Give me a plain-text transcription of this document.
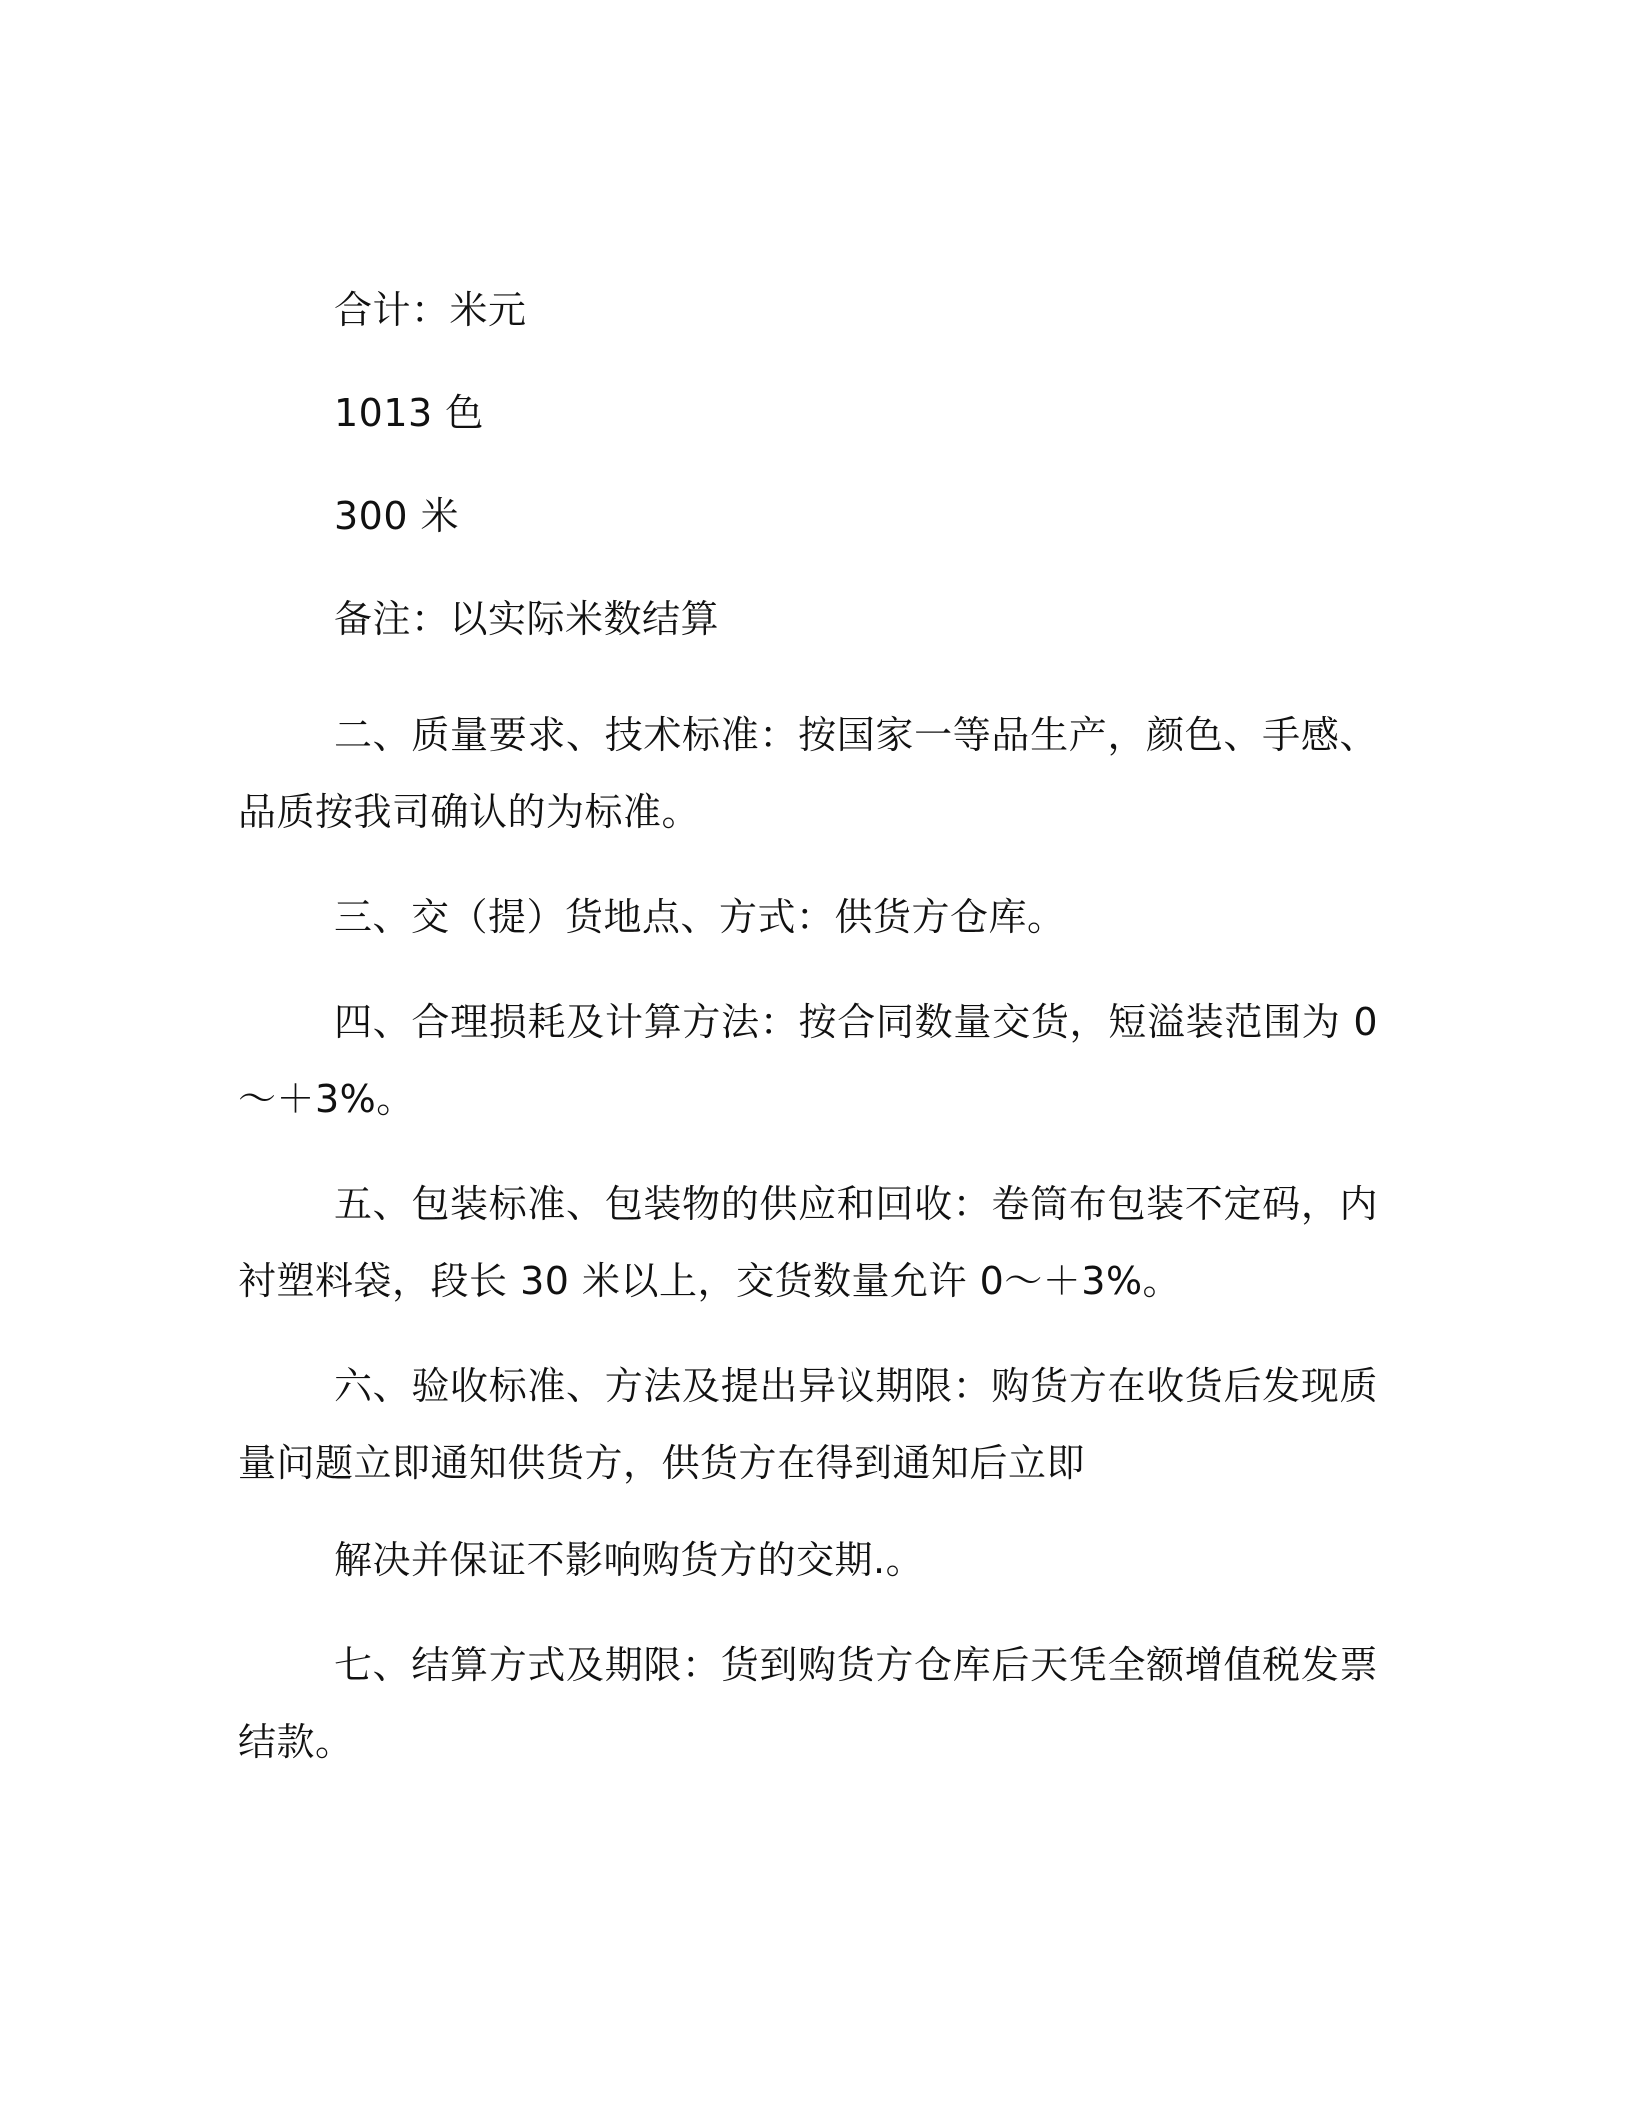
合计：米元

1013 色

300 米

备注：以实际米数结算

二、质量要求、技术标准：按国家一等品生产，颜色、手感、品质按我司确认的为标准。

三、交（提）货地点、方式：供货方仓库。

四、合理损耗及计算方法：按合同数量交货，短溢装范围为 0～＋3%。

五、包装标准、包装物的供应和回收：卷筒布包装不定码，内衬塑料袋，段长 30 米以上，交货数量允许 0～＋3%。

六、验收标准、方法及提出异议期限：购货方在收货后发现质量问题立即通知供货方，供货方在得到通知后立即

解决并保证不影响购货方的交期.。

七、结算方式及期限：货到购货方仓库后天凭全额增值税发票 结款。
